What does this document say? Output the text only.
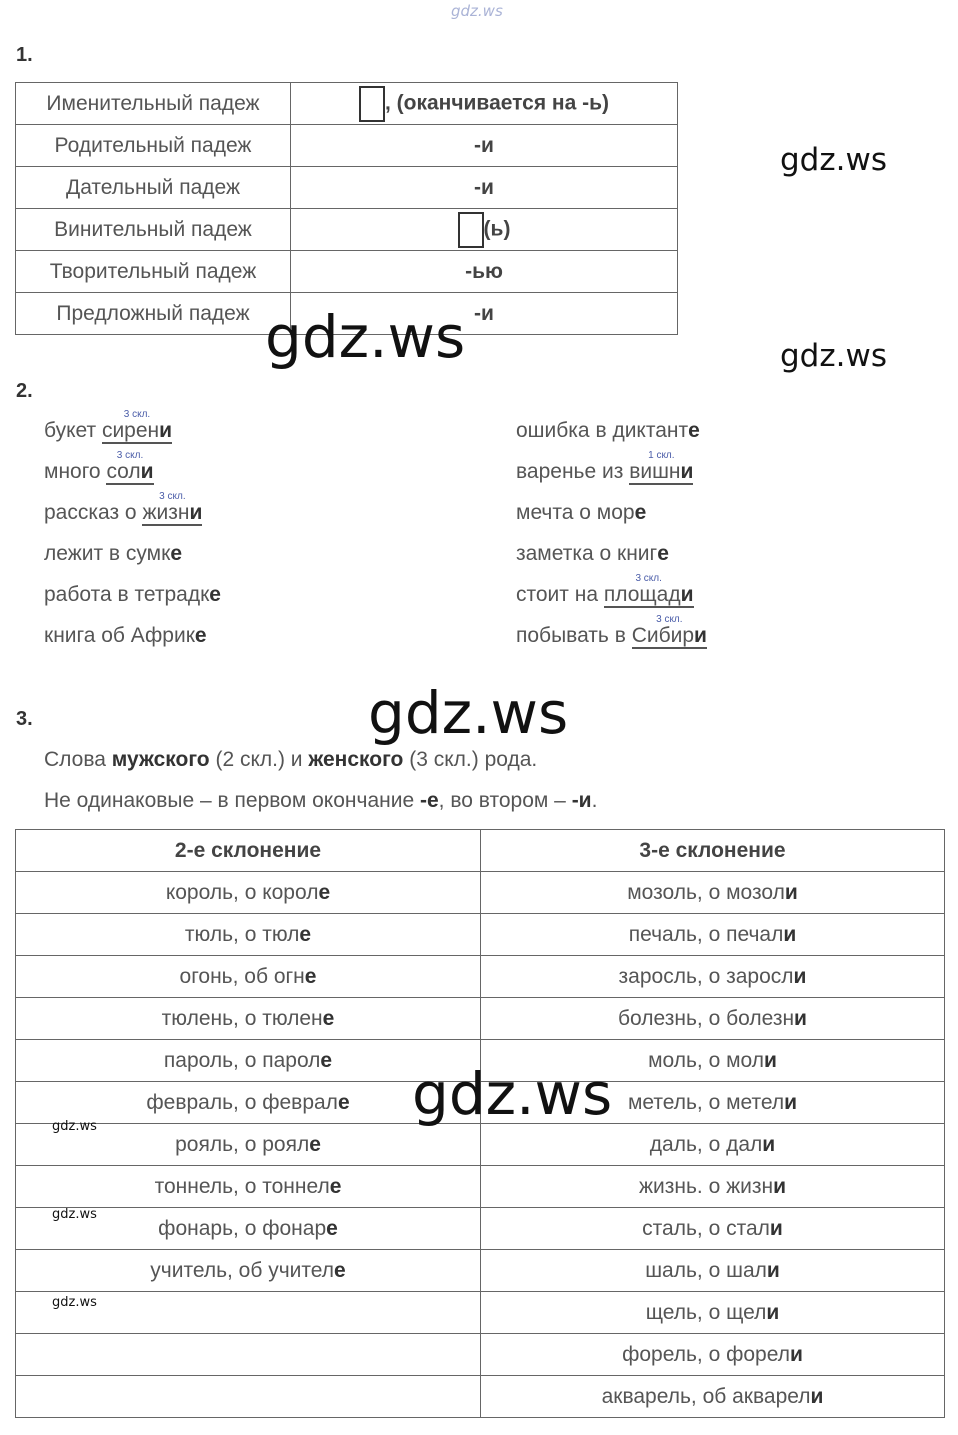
gdz.ws
gdz.ws
gdz.ws
1.
Именительный падеж	, (оканчивается на -ь)
Родительный падеж	-и
Дательный падеж	-и
Винительный падеж	(ь)
Творительный падеж	-ью
Предложный падеж	-и
gdz.ws
2.
букет сирени
3 скл.
много соли
3 скл.
рассказ о жизни
3 скл.
лежит в сумке
работа в тетрадке
книга об Африке
ошибка в диктанте
варенье из вишни
1 скл.
мечта о море
заметка о книге
стоит на площади
3 скл.
побывать в Сибири
3 скл.
3.	gdz.ws
Слова мужского (2 скл.) и женского (3 скл.) рода.
Не одинаковые – в первом окончание -е, во втором – -и.
2-е склонение	3-е склонение
король, о короле	мозоль, о мозоли
тюль, о тюле	печаль, о печали
огонь, об огне	заросль, о заросли
тюлень, о тюлене	болезнь, о болезни
пароль, о пароле	моль, о моли
февраль, о феврале	метель, о метели
рояль, о рояле	даль, о дали
тоннель, о тоннеле	жизнь. о жизни
фонарь, о фонаре	сталь, о стали
учитель, об учителе	шаль, о шали
	щель, о щели
	форель, о форели
	акварель, об акварели
gdz.ws
gdz.ws
gdz.ws
gdz.ws
